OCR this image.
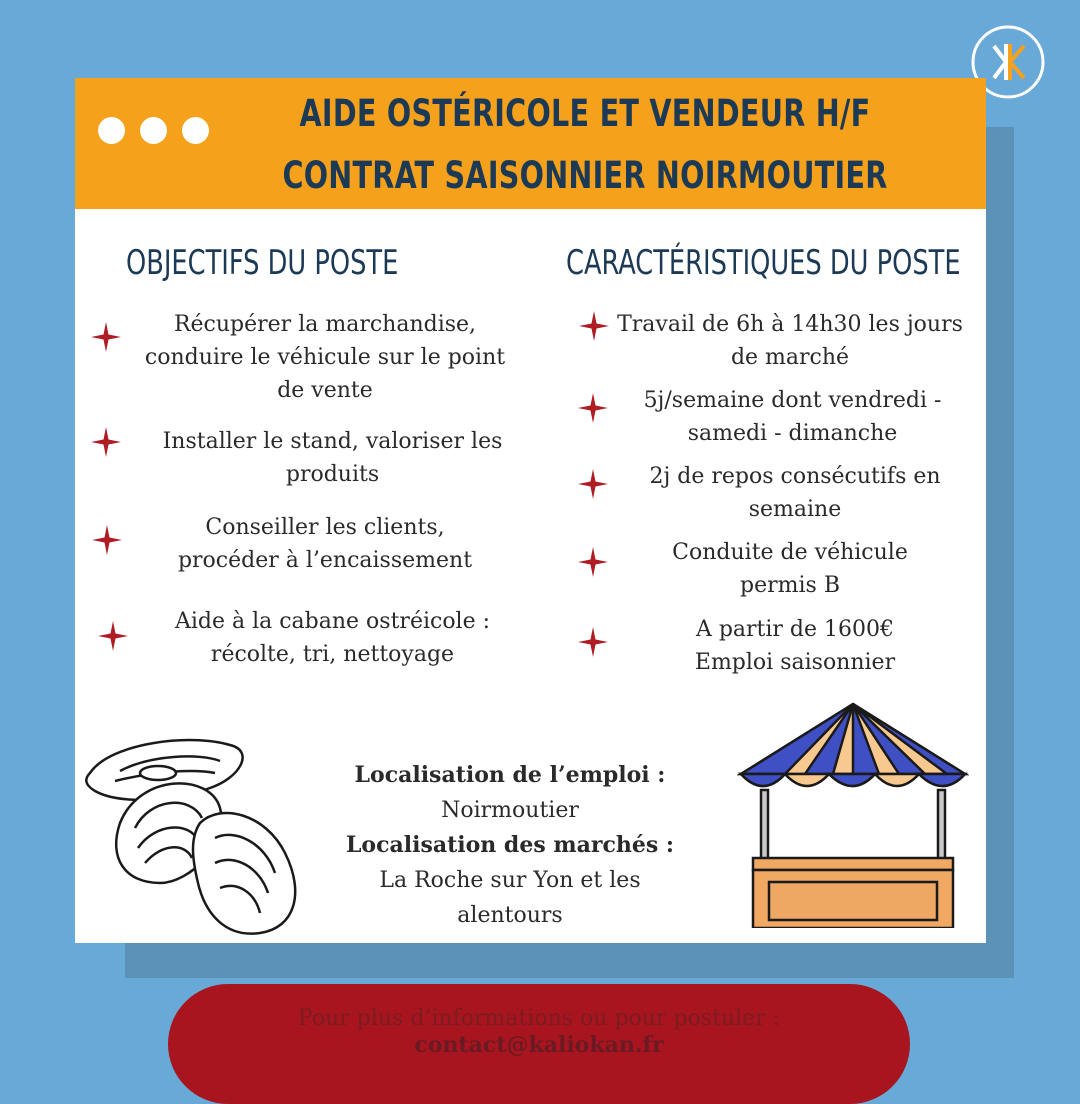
AIDE OSTÉRICOLE ET VENDEUR H/F
CONTRAT SAISONNIER NOIRMOUTIER
OBJECTIFS DU POSTE	CARACTÉRISTIQUES DU POSTE
Récupérer la marchandise,
conduire le véhicule sur le point
de vente
Installer le stand, valoriser les
produits
Conseiller les clients,
procéder à l’encaissement
Aide à la cabane ostréicole :
récolte, tri, nettoyage
Travail de 6h à 14h30 les jours
de marché
5j/semaine dont vendredi -
samedi - dimanche
2j de repos consécutifs en
semaine
Conduite de véhicule
permis B
A partir de 1600€
Emploi saisonnier
Localisation de l’emploi :
Noirmoutier
Localisation des marchés :
La Roche sur Yon et les
alentours
Pour plus d’informations ou pour postuler :
contact@kaliokan.fr
